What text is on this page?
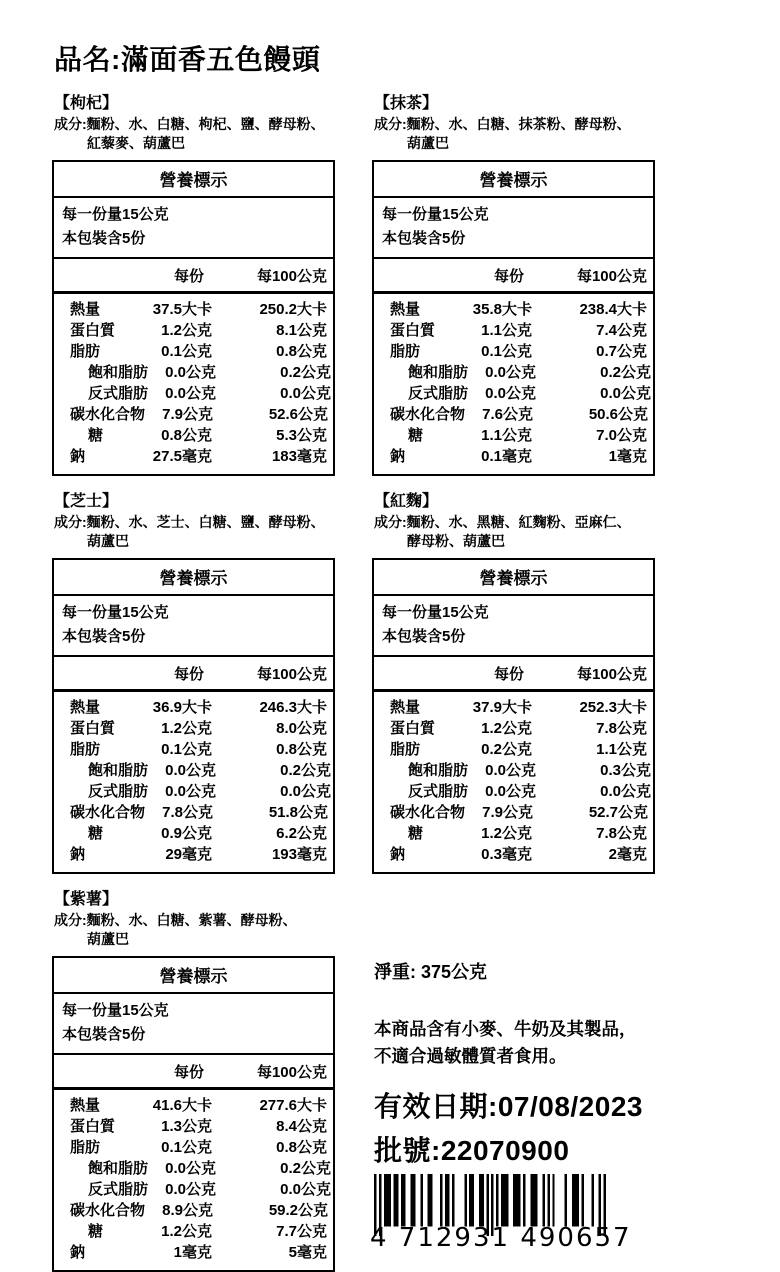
品名:滿面香五色饅頭
【枸杞】
成分:麵粉、水、白糖、枸杞、鹽、酵母粉、
紅藜麥、葫蘆巴
營養標示
每一份量15公克
本包裝含5份
每份	每100公克
熱量	37.5大卡	250.2大卡
蛋白質	1.2公克	8.1公克
脂肪	0.1公克	0.8公克
飽和脂肪	0.0公克	0.2公克
反式脂肪	0.0公克	0.0公克
碳水化合物	7.9公克	52.6公克
糖	0.8公克	5.3公克
鈉	27.5毫克	183毫克
【抹茶】
成分:麵粉、水、白糖、抹茶粉、酵母粉、
葫蘆巴
營養標示
每一份量15公克
本包裝含5份
每份	每100公克
熱量	35.8大卡	238.4大卡
蛋白質	1.1公克	7.4公克
脂肪	0.1公克	0.7公克
飽和脂肪	0.0公克	0.2公克
反式脂肪	0.0公克	0.0公克
碳水化合物	7.6公克	50.6公克
糖	1.1公克	7.0公克
鈉	0.1毫克	1毫克
【芝士】
成分:麵粉、水、芝士、白糖、鹽、酵母粉、
葫蘆巴
營養標示
每一份量15公克
本包裝含5份
每份	每100公克
熱量	36.9大卡	246.3大卡
蛋白質	1.2公克	8.0公克
脂肪	0.1公克	0.8公克
飽和脂肪	0.0公克	0.2公克
反式脂肪	0.0公克	0.0公克
碳水化合物	7.8公克	51.8公克
糖	0.9公克	6.2公克
鈉	29毫克	193毫克
【紅麴】
成分:麵粉、水、黑糖、紅麴粉、亞麻仁、
酵母粉、葫蘆巴
營養標示
每一份量15公克
本包裝含5份
每份	每100公克
熱量	37.9大卡	252.3大卡
蛋白質	1.2公克	7.8公克
脂肪	0.2公克	1.1公克
飽和脂肪	0.0公克	0.3公克
反式脂肪	0.0公克	0.0公克
碳水化合物	7.9公克	52.7公克
糖	1.2公克	7.8公克
鈉	0.3毫克	2毫克
【紫薯】
成分:麵粉、水、白糖、紫薯、酵母粉、
葫蘆巴
營養標示
每一份量15公克
本包裝含5份
每份	每100公克
熱量	41.6大卡	277.6大卡
蛋白質	1.3公克	8.4公克
脂肪	0.1公克	0.8公克
飽和脂肪	0.0公克	0.2公克
反式脂肪	0.0公克	0.0公克
碳水化合物	8.9公克	59.2公克
糖	1.2公克	7.7公克
鈉	1毫克	5毫克
淨重: 375公克
本商品含有小麥、牛奶及其製品，
不適合過敏體質者食用。
有效日期:07/08/2023
批號:22070900
4 712931 490657
